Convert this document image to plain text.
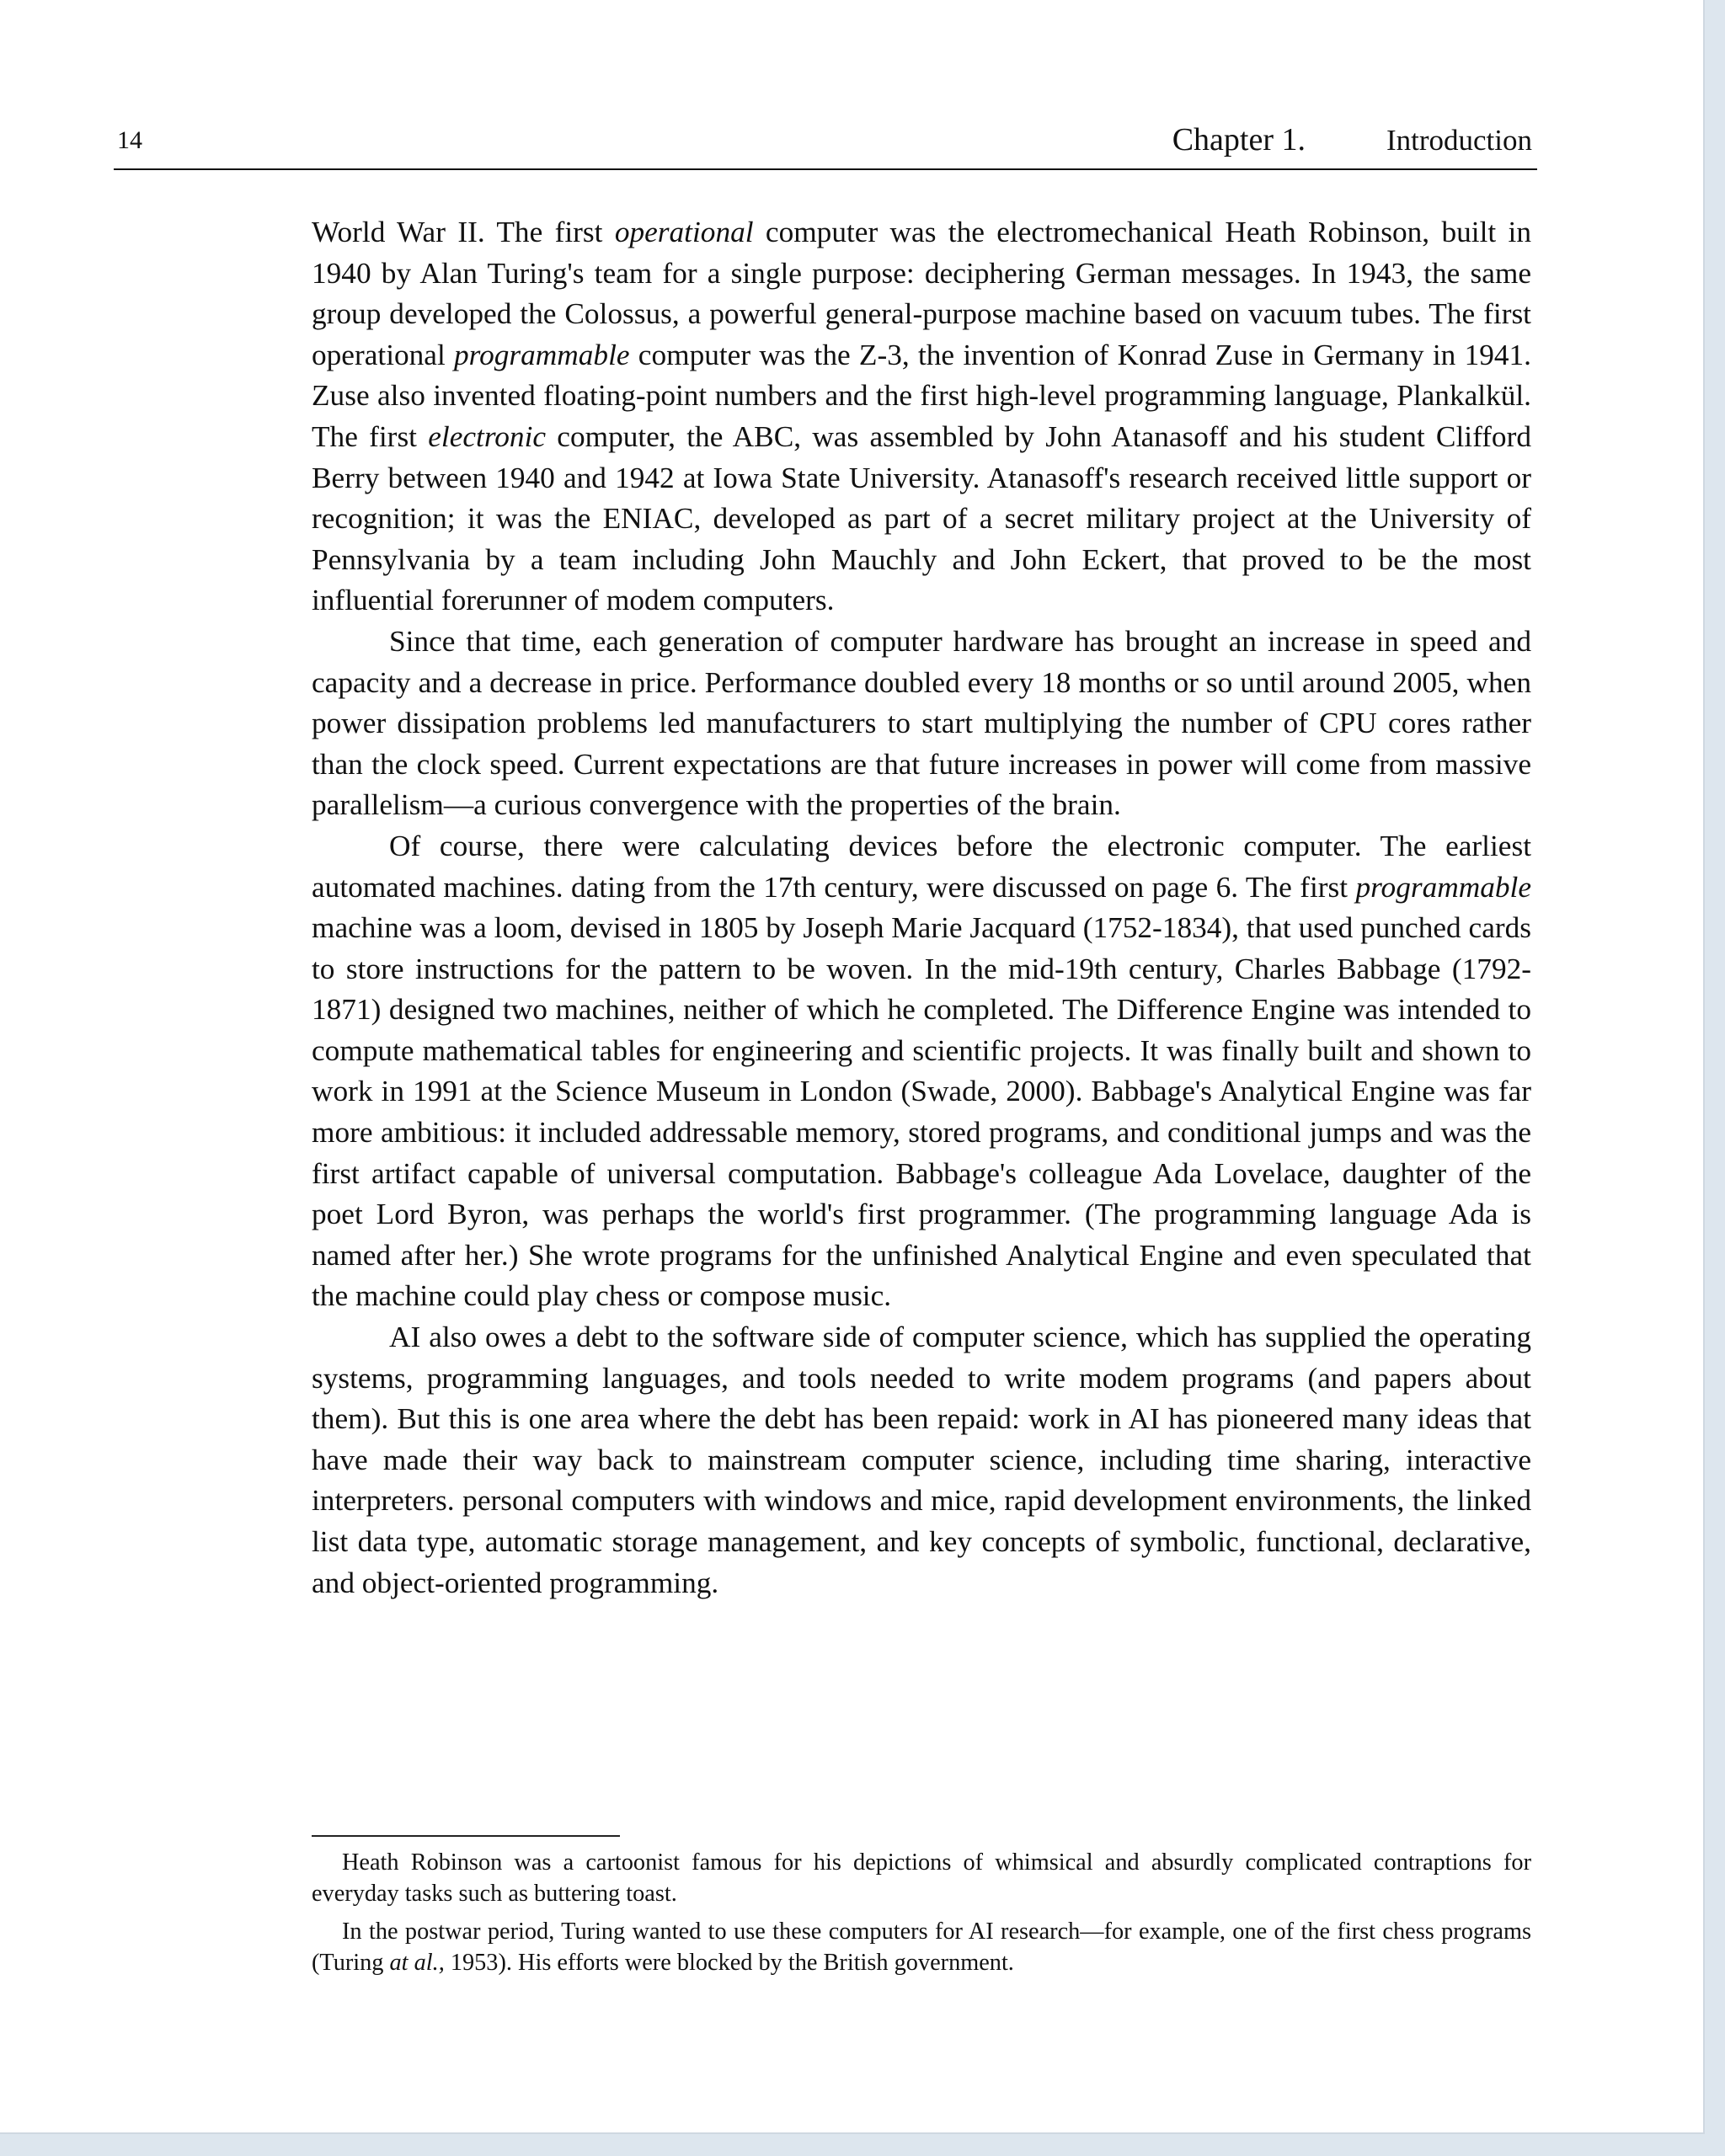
14	Chapter 1.	Introduction

World War II. The first operational computer was the electromechanical Heath Robinson, built in 1940 by Alan Turing's team for a single purpose: deciphering German messages. In 1943, the same group developed the Colossus, a powerful general-purpose machine based on vacuum tubes. The first operational programmable computer was the Z-3, the invention of Konrad Zuse in Germany in 1941. Zuse also invented floating-point numbers and the first high-level programming language, Plankalkül. The first electronic computer, the ABC, was assembled by John Atanasoff and his student Clifford Berry between 1940 and 1942 at Iowa State University. Atanasoff's research received little support or recognition; it was the ENIAC, developed as part of a secret military project at the University of Pennsylvania by a team including John Mauchly and John Eckert, that proved to be the most influential forerunner of modem computers.

Since that time, each generation of computer hardware has brought an increase in speed and capacity and a decrease in price. Performance doubled every 18 months or so until around 2005, when power dissipation problems led manufacturers to start multiplying the number of CPU cores rather than the clock speed. Current expectations are that future increases in power will come from massive parallelism—a curious convergence with the properties of the brain.

Of course, there were calculating devices before the electronic computer. The earliest automated machines. dating from the 17th century, were discussed on page 6. The first programmable machine was a loom, devised in 1805 by Joseph Marie Jacquard (1752-1834), that used punched cards to store instructions for the pattern to be woven. In the mid-19th century, Charles Babbage (1792-1871) designed two machines, neither of which he completed. The Difference Engine was intended to compute mathematical tables for engineering and scientific projects. It was finally built and shown to work in 1991 at the Science Museum in London (Swade, 2000). Babbage's Analytical Engine was far more ambitious: it included addressable memory, stored programs, and conditional jumps and was the first artifact capable of universal computation. Babbage's colleague Ada Lovelace, daughter of the poet Lord Byron, was perhaps the world's first programmer. (The programming language Ada is named after her.) She wrote programs for the unfinished Analytical Engine and even speculated that the machine could play chess or compose music.

AI also owes a debt to the software side of computer science, which has supplied the operating systems, programming languages, and tools needed to write modem programs (and papers about them). But this is one area where the debt has been repaid: work in AI has pioneered many ideas that have made their way back to mainstream computer science, including time sharing, interactive interpreters. personal computers with windows and mice, rapid development environments, the linked list data type, automatic storage management, and key concepts of symbolic, functional, declarative, and object-oriented programming.

Heath Robinson was a cartoonist famous for his depictions of whimsical and absurdly complicated contraptions for everyday tasks such as buttering toast.

In the postwar period, Turing wanted to use these computers for AI research—for example, one of the first chess programs (Turing at al., 1953). His efforts were blocked by the British government.
